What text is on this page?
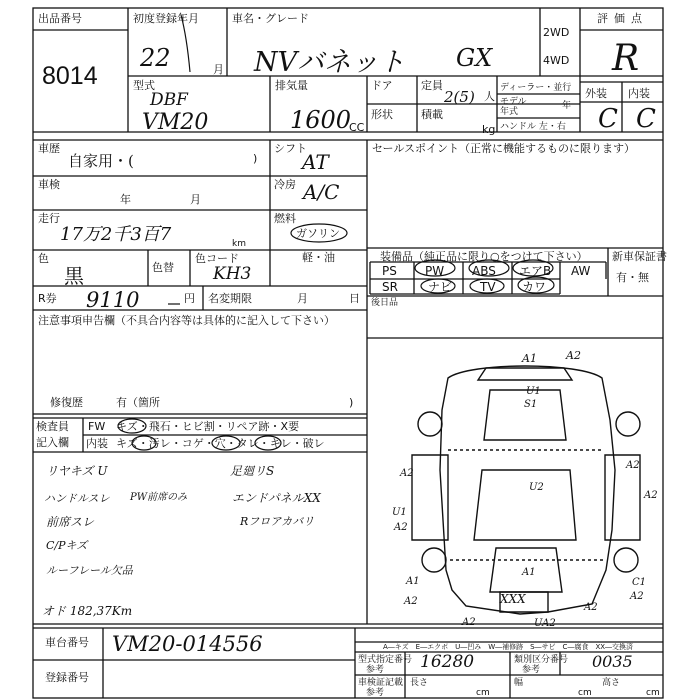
出品番号
8014
初度登録年月
22	月
車名・グレード
NVバネット GX
2WD
4WD
評価点
R
外装 内装
C C
型式
DBF
VM20
排気量
1600
CC
ドア
形状
定員
2(5) 人
積載
kg
ディーラー・並行
モデル年式
年
ハンドル 左・右
車歴
自家用・(	)
シフト
AT
車検
年	月
冷房 A/C
走行
17万2千3百7	km
燃料
ガソリン
軽・油
色
黒	色替
色コード
KH3
R券 9110	円 名変期限	月	日
セールスポイント（正常に機能するものに限ります）
装備品（純正品に限り○をつけて下さい）
PS PW ABS エアB AW
SR	ナビ TV カワ
新車保証書
有・無
後日品
注意事項申告欄（不具合内容等は具体的に記入して下さい）
修復歴	有（箇所	)
検査員
記入欄
FW キズ・飛石・ヒビ割・リペア跡・X要
内装 キズ・汚レ・コゲ・穴・タレ・キレ・破レ
リヤキズ U
ハンドルスレ PW前席のみ
前席スレ
足廻リS
エンドパネルXX
Rフロアカバリ
C/Pキズ
ルーフレール欠品
オド 182,37Km
A1	A2
U1
S1
A2
A2
U2
U1
A2
A2
A1
C1
A2
A1
XXX
A2
UA2
A2
A2
A―キズ　E―エクボ　U―凹み　W―補修跡　S―サビ　C―腐食　XX―交換済
車台番号 VM20-014556
登録番号
型式指定番号
参考 16280	類別区分番号
参考	0035
車検証記載
参考
長さ
cm
幅
cm
高さ
cm
